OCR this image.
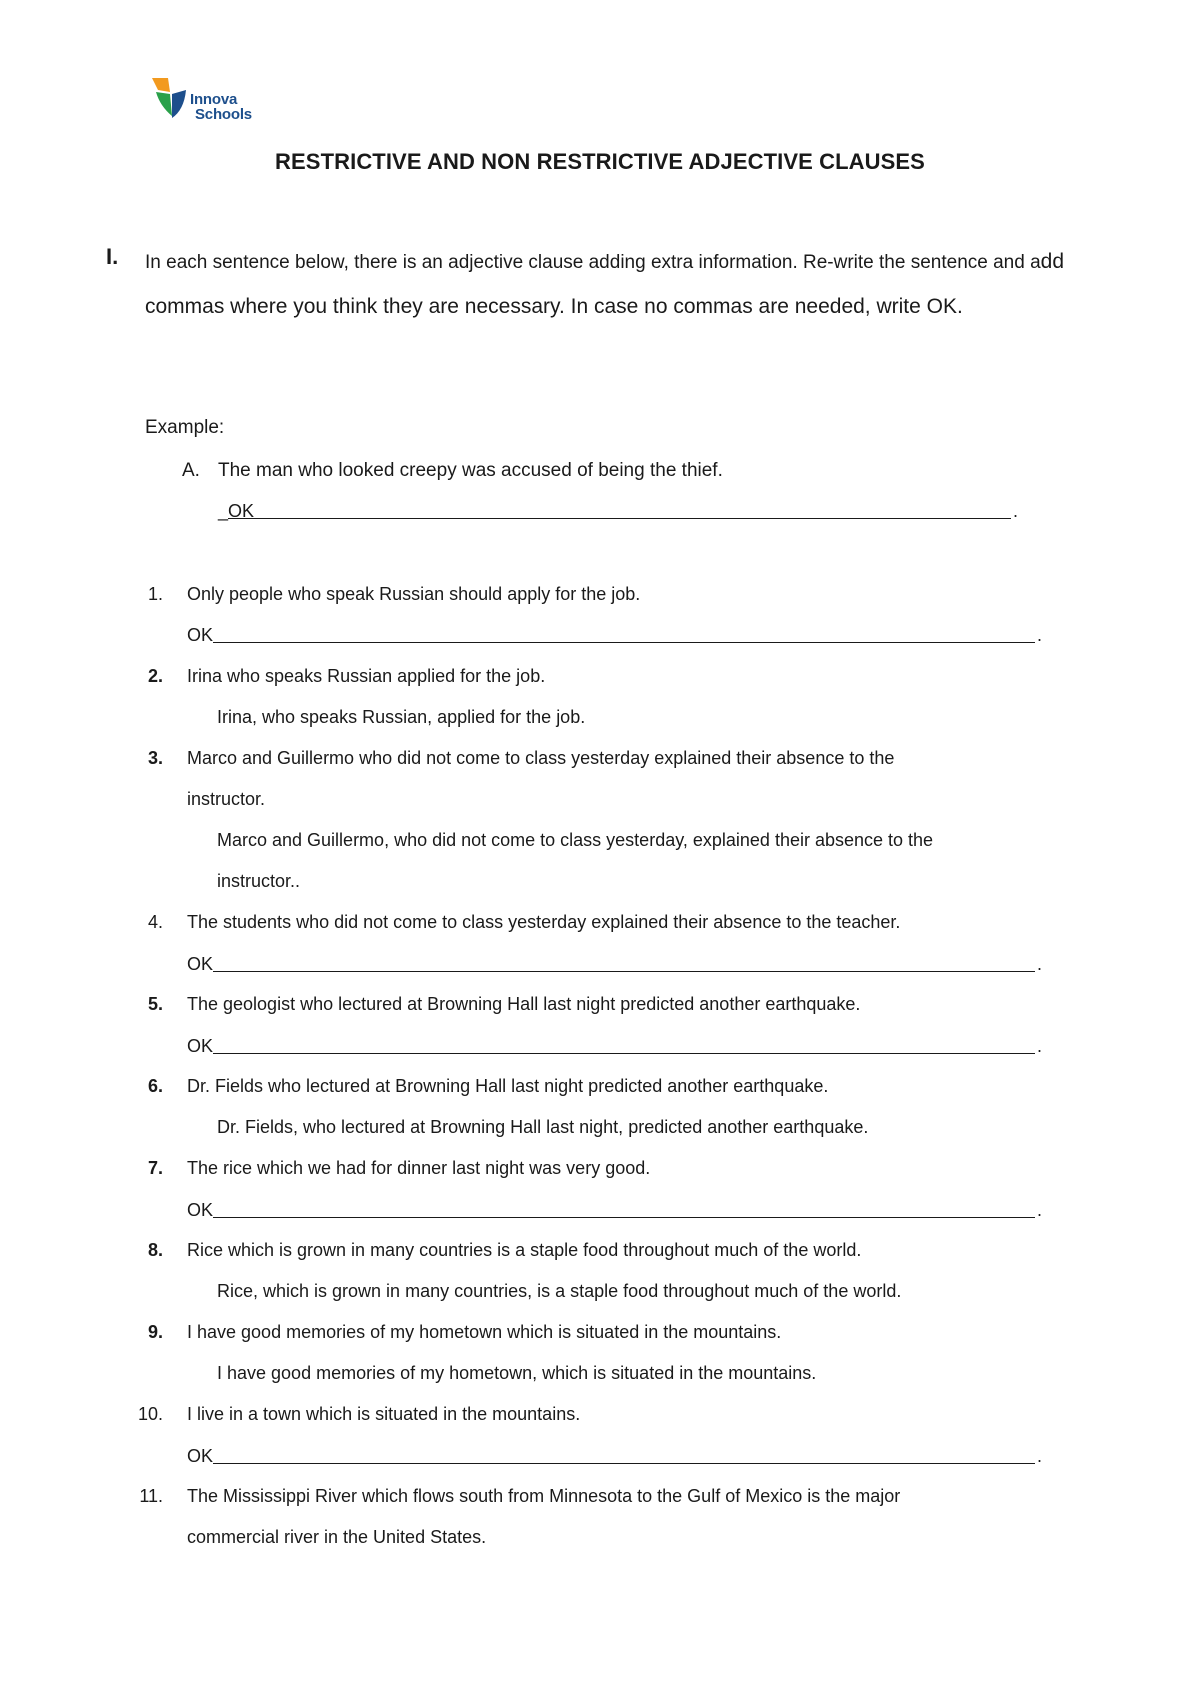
Innova
Schools
RESTRICTIVE AND NON RESTRICTIVE ADJECTIVE CLAUSES
I. In each sentence below, there is an adjective clause adding extra information. Re-write the sentence and add commas where you think they are necessary. In case no commas are needed, write OK.
Example:
A. The man who looked creepy was accused of being the thief.
_ OK	.
1. Only people who speak Russian should apply for the job.
OK	.
2. Irina who speaks Russian applied for the job.
Irina, who speaks Russian, applied for the job.
3. Marco and Guillermo who did not come to class yesterday explained their absence to the
instructor.
Marco and Guillermo, who did not come to class yesterday, explained their absence to the
instructor..
4. The students who did not come to class yesterday explained their absence to the teacher.
OK	.
5. The geologist who lectured at Browning Hall last night predicted another earthquake.
OK	.
6. Dr. Fields who lectured at Browning Hall last night predicted another earthquake.
Dr. Fields, who lectured at Browning Hall last night, predicted another earthquake.
7. The rice which we had for dinner last night was very good.
OK	.
8. Rice which is grown in many countries is a staple food throughout much of the world.
Rice, which is grown in many countries, is a staple food throughout much of the world.
9. I have good memories of my hometown which is situated in the mountains.
I have good memories of my hometown, which is situated in the mountains.
10. I live in a town which is situated in the mountains.
OK	.
11. The Mississippi River which flows south from Minnesota to the Gulf of Mexico is the major
commercial river in the United States.
